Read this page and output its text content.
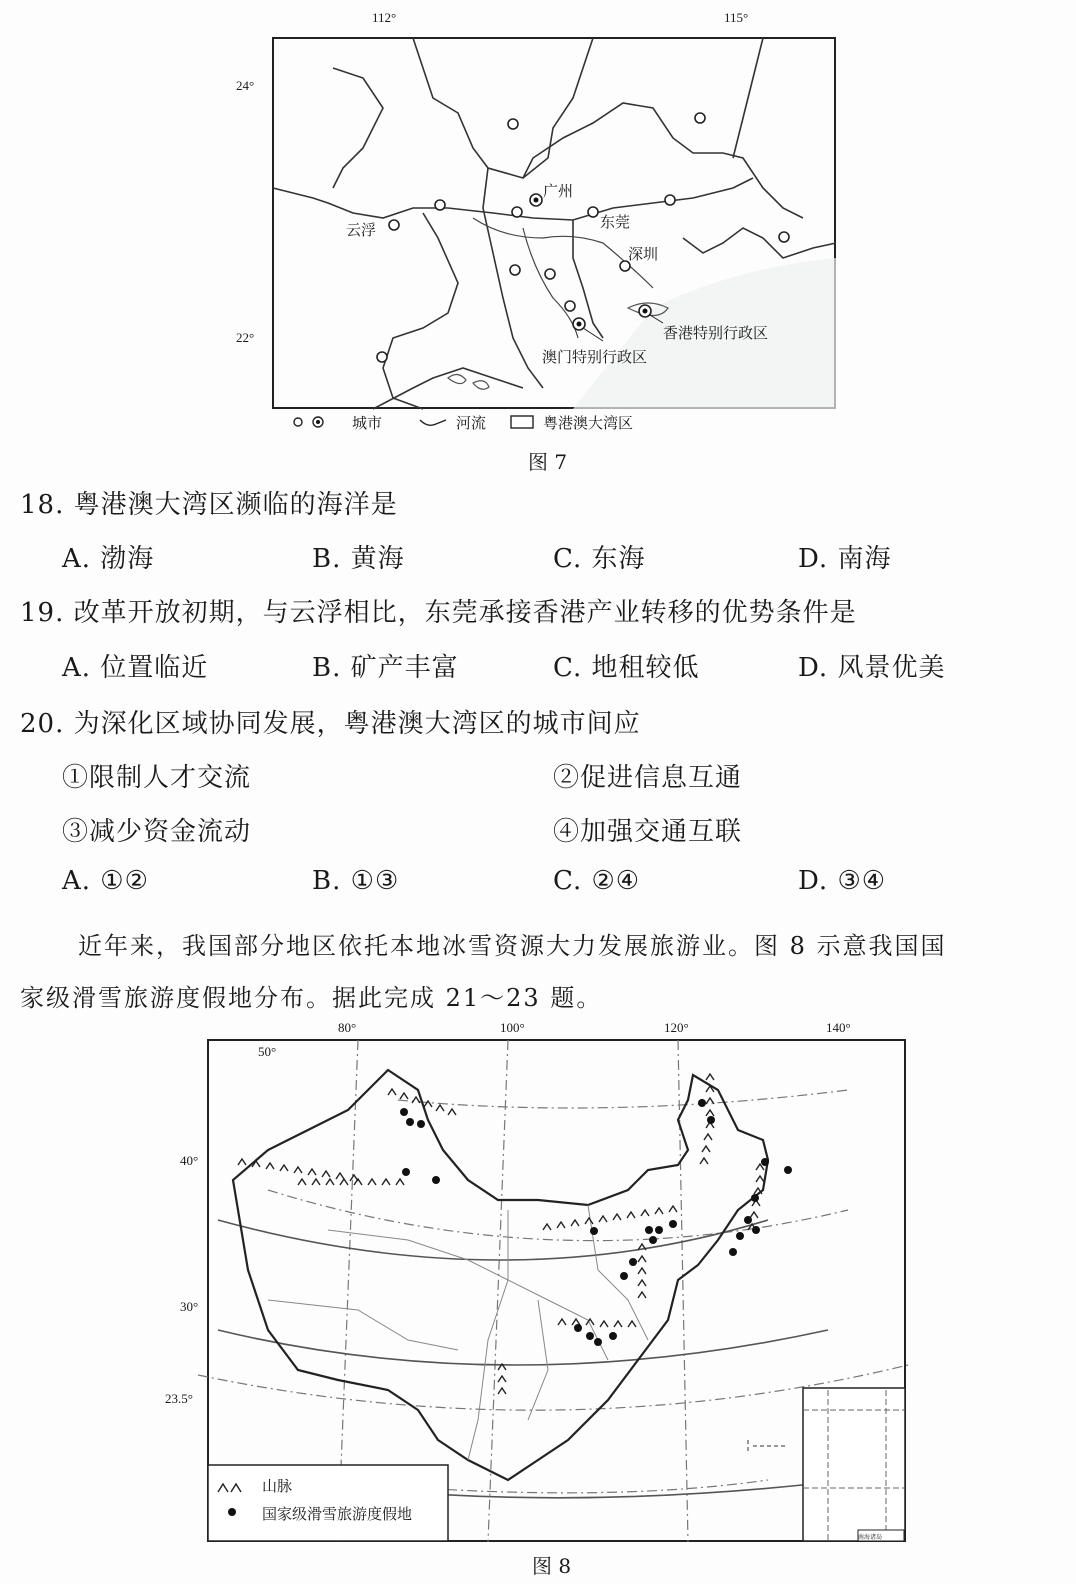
112°	115°
24°
22°
广州
东莞
云浮
深圳
香港特别行政区
澳门特别行政区
城市	河流	粤港澳大湾区
图 7
18. 粤港澳大湾区濒临的海洋是
A. 渤海	B. 黄海	C. 东海	D. 南海
19. 改革开放初期，与云浮相比，东莞承接香港产业转移的优势条件是
A. 位置临近	B. 矿产丰富	C. 地租较低	D. 风景优美
20. 为深化区域协同发展，粤港澳大湾区的城市间应
①限制人才交流	②促进信息互通
③减少资金流动	④加强交通互联
A. ①②	B. ①③	C. ②④	D. ③④
近年来，我国部分地区依托本地冰雪资源大力发展旅游业。图 8 示意我国国
家级滑雪旅游度假地分布。据此完成 21～23 题。
80°	100°	120°	140°
50°
40°
30°
23.5°
南海诸岛
山脉
国家级滑雪旅游度假地
图 8
